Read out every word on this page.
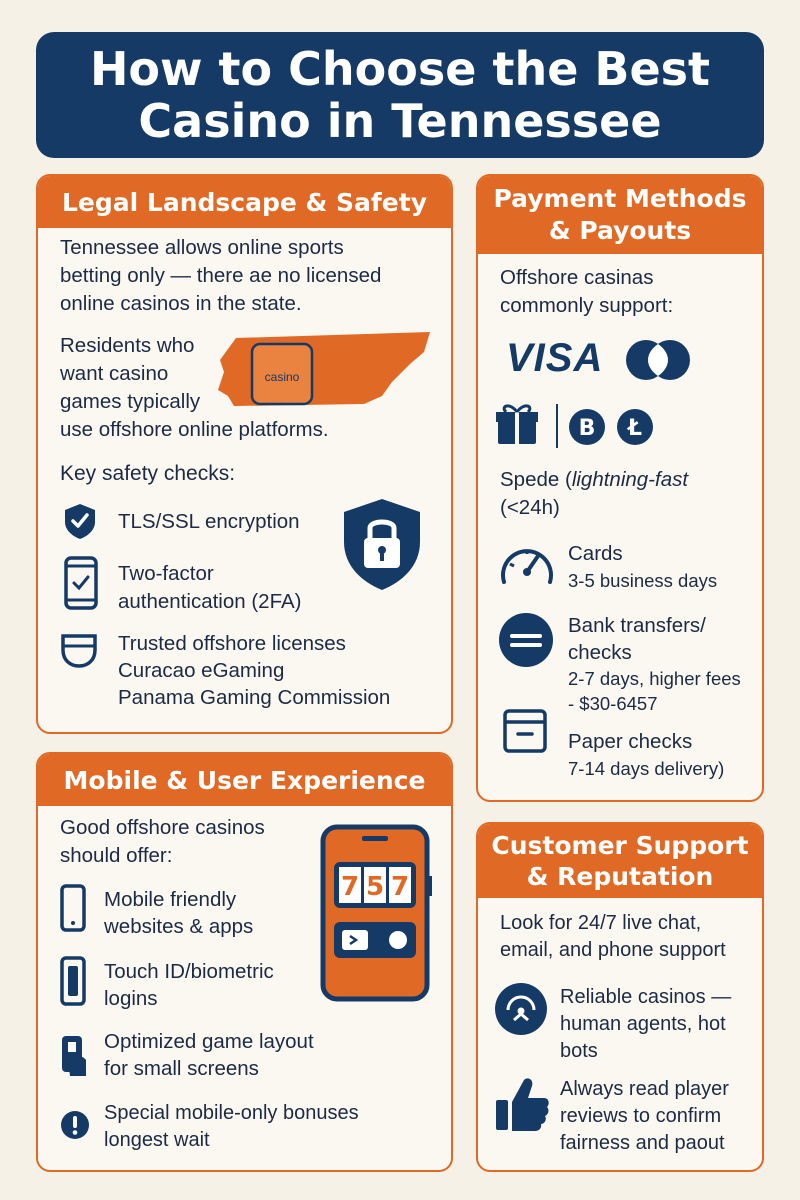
How to Choose the Best
Casino in Tennessee
Legal Landscape & Safety
Tennessee allows online sports
betting only — there ae no licensed
online casinos in the state.
casino
Residents who
want casino
games typically
use offshore online platforms.
Key safety checks:
TLS/SSL encryption
Two-factor
authentication (2FA)
Trusted offshore licenses
Curacao eGaming
Panama Gaming Commission
Payment Methods
& Payouts
Offshore casinas
commonly support:
VISA
B Ł
Spede (lightning-fast
(<24h)
Cards
3-5 business days
Bank transfers/
checks
2-7 days, higher fees
- $30-6457
Paper checks
7-14 days delivery)
Mobile & User Experience
Good offshore casinos
should offer:
7 5 7
Mobile friendly
websites & apps
Touch ID/biometric
logins
Optimized game layout
for small screens
Special mobile-only bonuses
longest wait
Customer Support
& Reputation
Look for 24/7 live chat,
email, and phone support
Reliable casinos —
human agents, hot
bots
Always read player
reviews to confirm
fairness and paout
